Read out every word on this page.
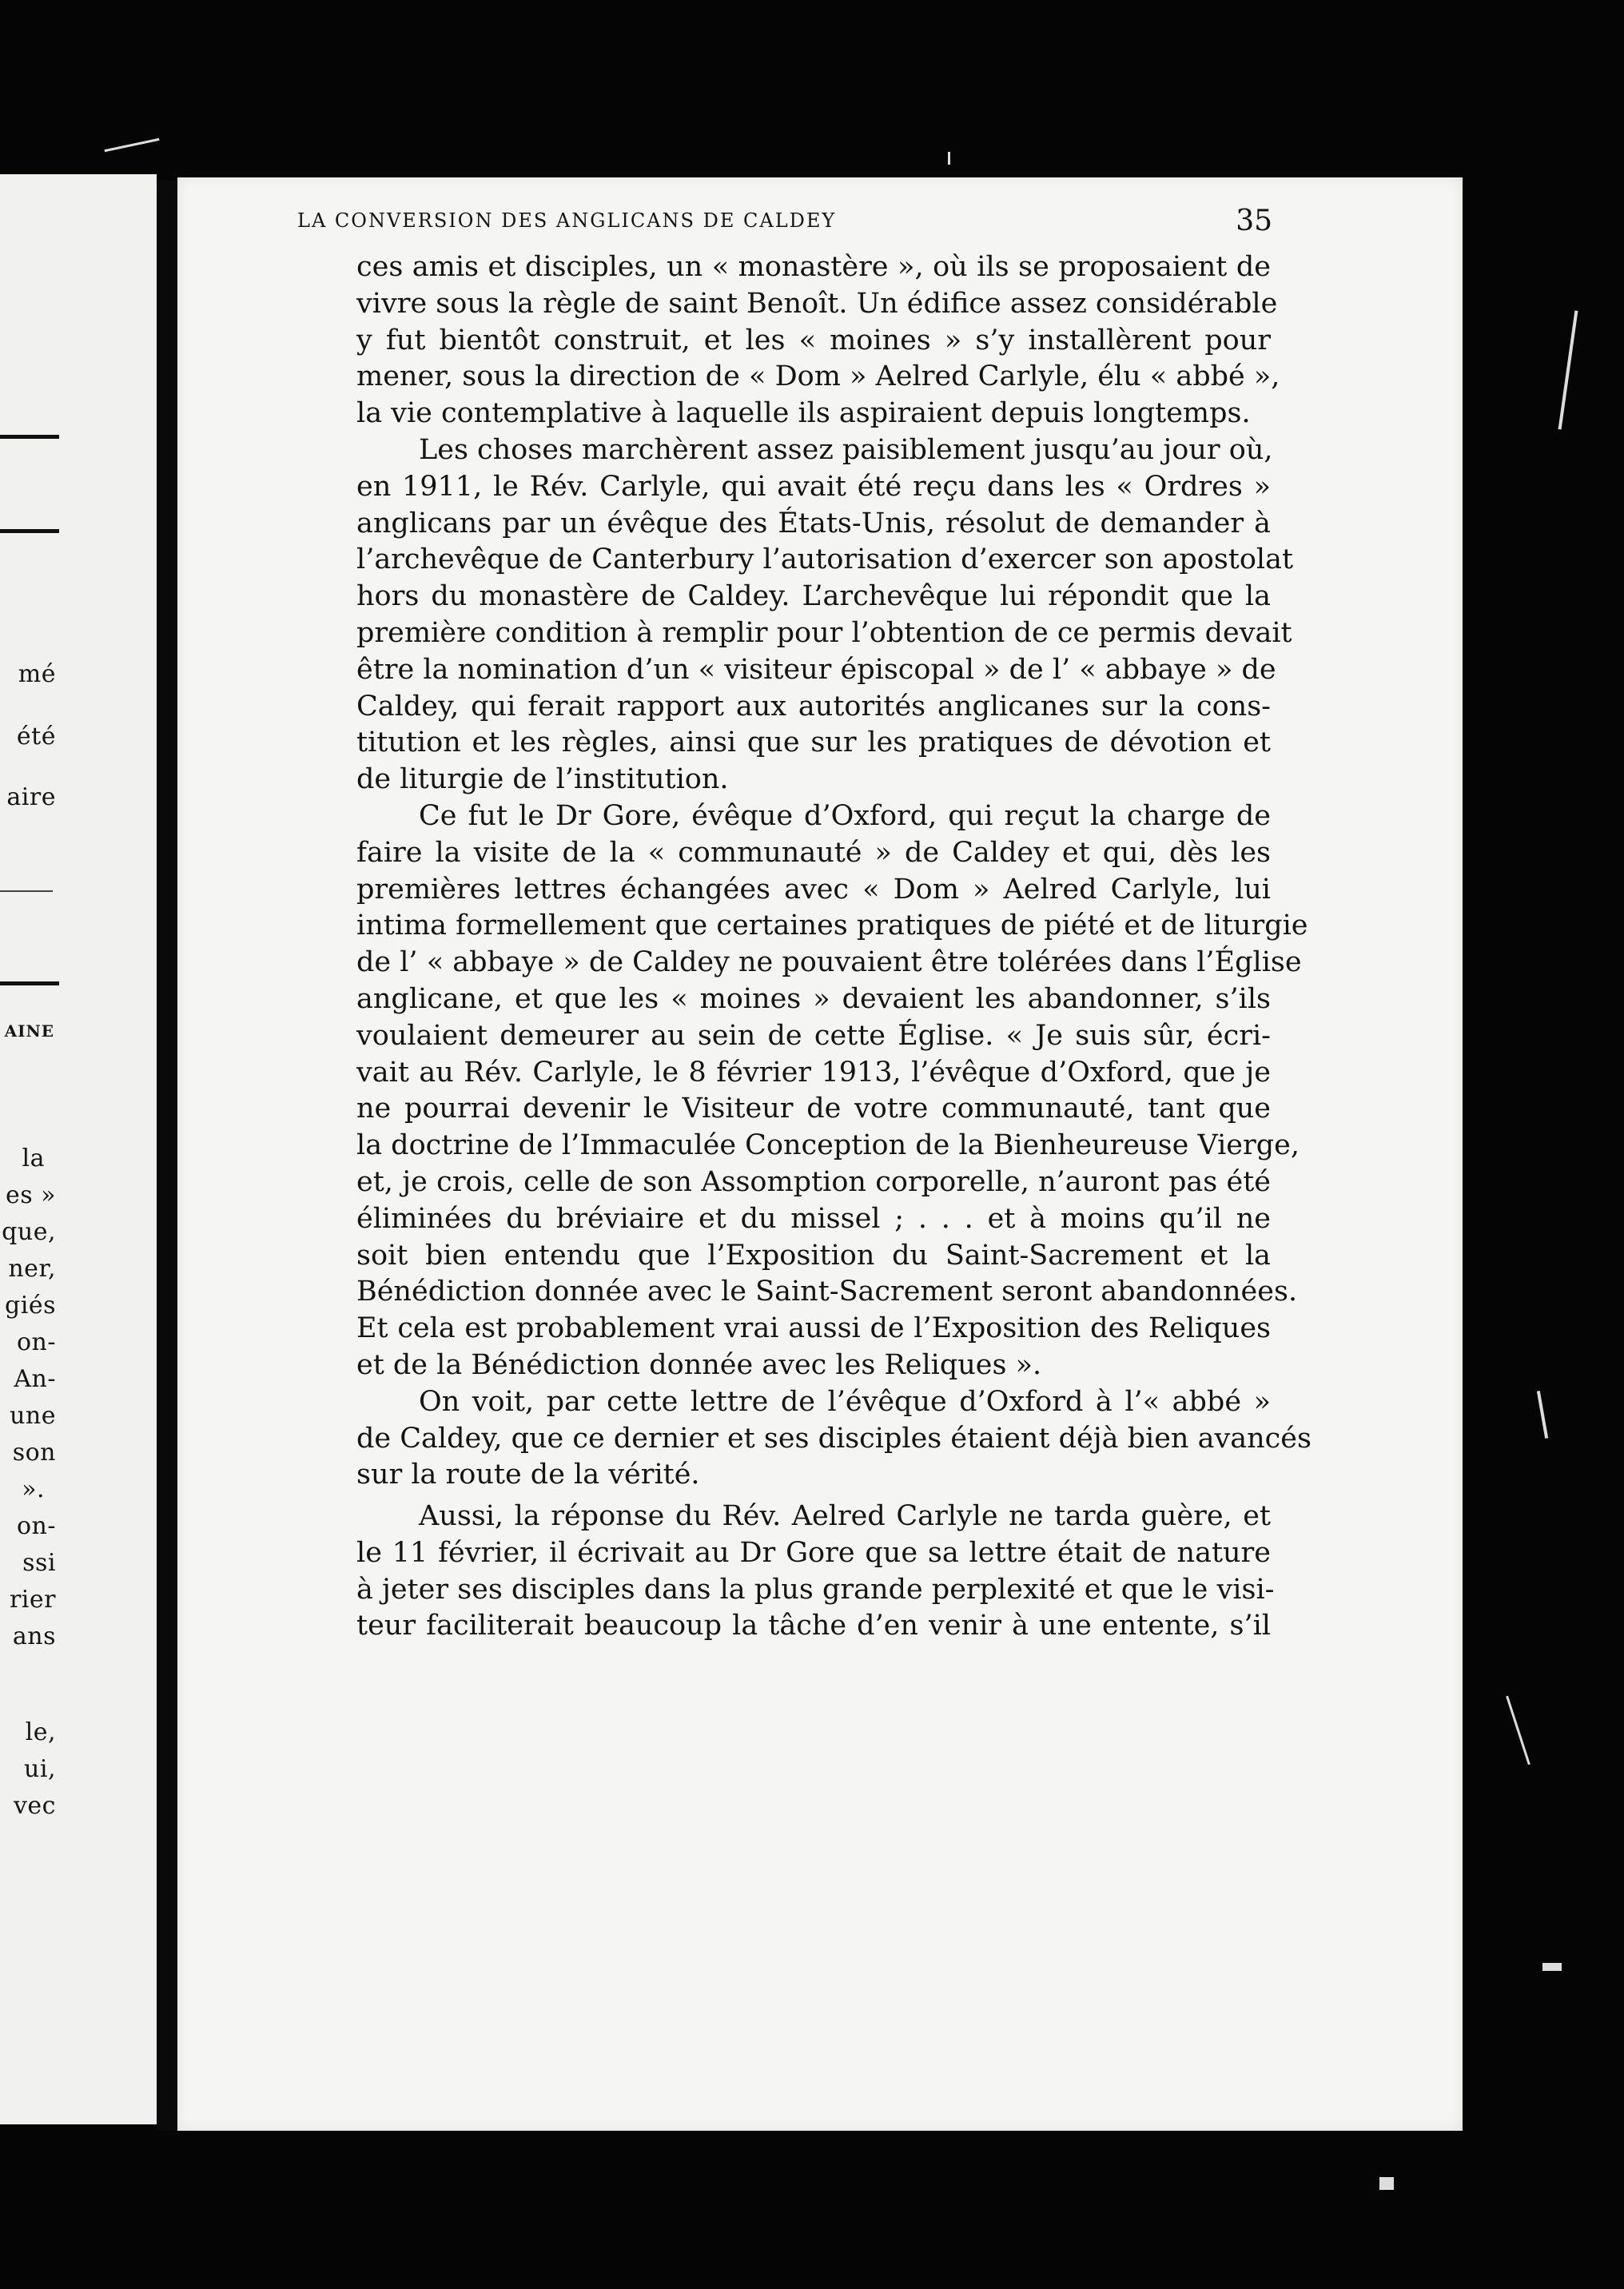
mé
été
aire
AINE
la
es »
que,
ner,
giés
on-
An-
une
son
».
on-
ssi
rier
ans
le,
ui,
vec
LA CONVERSION DES ANGLICANS DE CALDEY	35
ces amis et disciples, un « monastère », où ils se proposaient de
vivre sous la règle de saint Benoît. Un édifice assez considérable
y fut bientôt construit, et les « moines » s’y installèrent pour
mener, sous la direction de « Dom » Aelred Carlyle, élu « abbé »,
la vie contemplative à laquelle ils aspiraient depuis longtemps.
Les choses marchèrent assez paisiblement jusqu’au jour où,
en 1911, le Rév. Carlyle, qui avait été reçu dans les « Ordres »
anglicans par un évêque des États-Unis, résolut de demander à
l’archevêque de Canterbury l’autorisation d’exercer son apostolat
hors du monastère de Caldey. L’archevêque lui répondit que la
première condition à remplir pour l’obtention de ce permis devait
être la nomination d’un « visiteur épiscopal » de l’ « abbaye » de
Caldey, qui ferait rapport aux autorités anglicanes sur la cons-
titution et les règles, ainsi que sur les pratiques de dévotion et
de liturgie de l’institution.
Ce fut le Dr Gore, évêque d’Oxford, qui reçut la charge de
faire la visite de la « communauté » de Caldey et qui, dès les
premières lettres échangées avec « Dom » Aelred Carlyle, lui
intima formellement que certaines pratiques de piété et de liturgie
de l’ « abbaye » de Caldey ne pouvaient être tolérées dans l’Église
anglicane, et que les « moines » devaient les abandonner, s’ils
voulaient demeurer au sein de cette Église. « Je suis sûr, écri-
vait au Rév. Carlyle, le 8 février 1913, l’évêque d’Oxford, que je
ne pourrai devenir le Visiteur de votre communauté, tant que
la doctrine de l’Immaculée Conception de la Bienheureuse Vierge,
et, je crois, celle de son Assomption corporelle, n’auront pas été
éliminées du bréviaire et du missel ; . . . et à moins qu’il ne
soit bien entendu que l’Exposition du Saint-Sacrement et la
Bénédiction donnée avec le Saint-Sacrement seront abandonnées.
Et cela est probablement vrai aussi de l’Exposition des Reliques
et de la Bénédiction donnée avec les Reliques ».
On voit, par cette lettre de l’évêque d’Oxford à l’« abbé »
de Caldey, que ce dernier et ses disciples étaient déjà bien avancés
sur la route de la vérité.
Aussi, la réponse du Rév. Aelred Carlyle ne tarda guère, et
le 11 février, il écrivait au Dr Gore que sa lettre était de nature
à jeter ses disciples dans la plus grande perplexité et que le visi-
teur faciliterait beaucoup la tâche d’en venir à une entente, s’il
